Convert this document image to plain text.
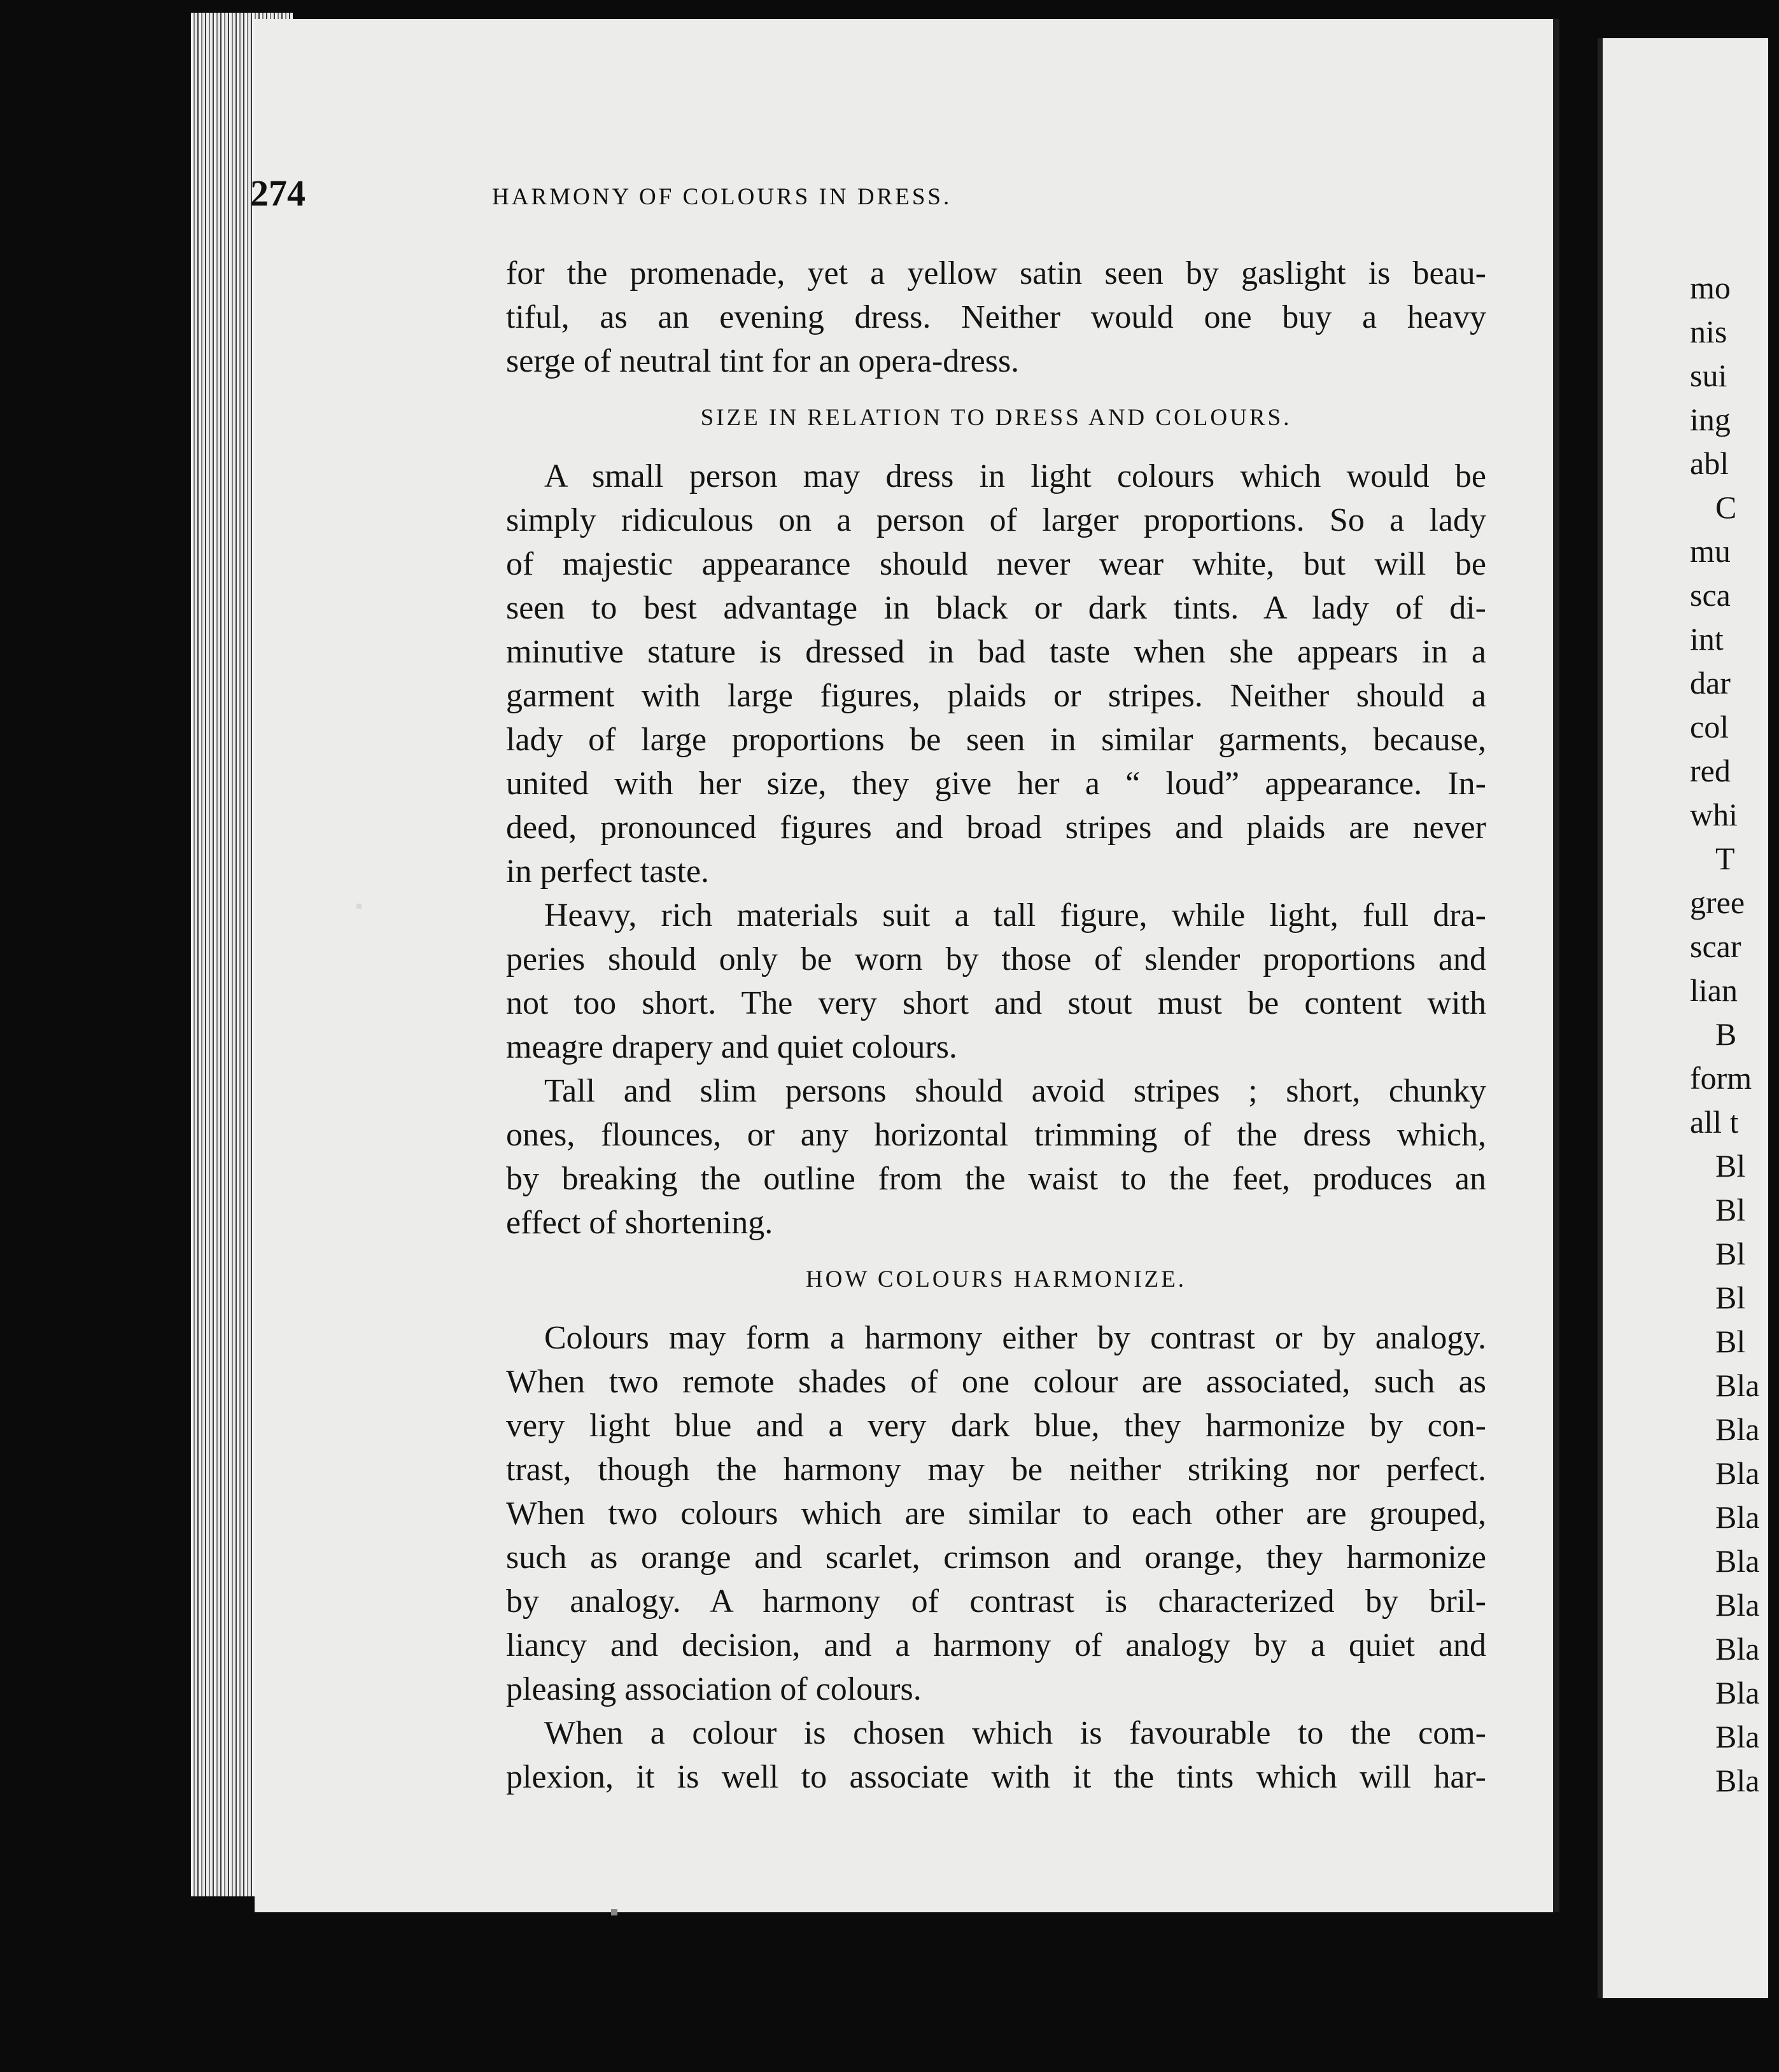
274	HARMONY OF COLOURS IN DRESS.
for the promenade, yet a yellow satin seen by gaslight is beau-
tiful, as an evening dress. Neither would one buy a heavy
serge of neutral tint for an opera-dress.
SIZE IN RELATION TO DRESS AND COLOURS.
A small person may dress in light colours which would be
simply ridiculous on a person of larger proportions. So a lady
of majestic appearance should never wear white, but will be
seen to best advantage in black or dark tints. A lady of di-
minutive stature is dressed in bad taste when she appears in a
garment with large figures, plaids or stripes. Neither should a
lady of large proportions be seen in similar garments, because,
united with her size, they give her a “ loud” appearance. In-
deed, pronounced figures and broad stripes and plaids are never
in perfect taste.
Heavy, rich materials suit a tall figure, while light, full dra-
peries should only be worn by those of slender proportions and
not too short. The very short and stout must be content with
meagre drapery and quiet colours.
Tall and slim persons should avoid stripes ; short, chunky
ones, flounces, or any horizontal trimming of the dress which,
by breaking the outline from the waist to the feet, produces an
effect of shortening.
HOW COLOURS HARMONIZE.
Colours may form a harmony either by contrast or by analogy.
When two remote shades of one colour are associated, such as
very light blue and a very dark blue, they harmonize by con-
trast, though the harmony may be neither striking nor perfect.
When two colours which are similar to each other are grouped,
such as orange and scarlet, crimson and orange, they harmonize
by analogy. A harmony of contrast is characterized by bril-
liancy and decision, and a harmony of analogy by a quiet and
pleasing association of colours.
When a colour is chosen which is favourable to the com-
plexion, it is well to associate with it the tints which will har-
mo
nis
sui
ing
abl
C
mu
sca
int
dar
col
red
whi
T
gree
scar
lian
B
form
all t
Bl
Bl
Bl
Bl
Bl
Bla
Bla
Bla
Bla
Bla
Bla
Bla
Bla
Bla
Bla
